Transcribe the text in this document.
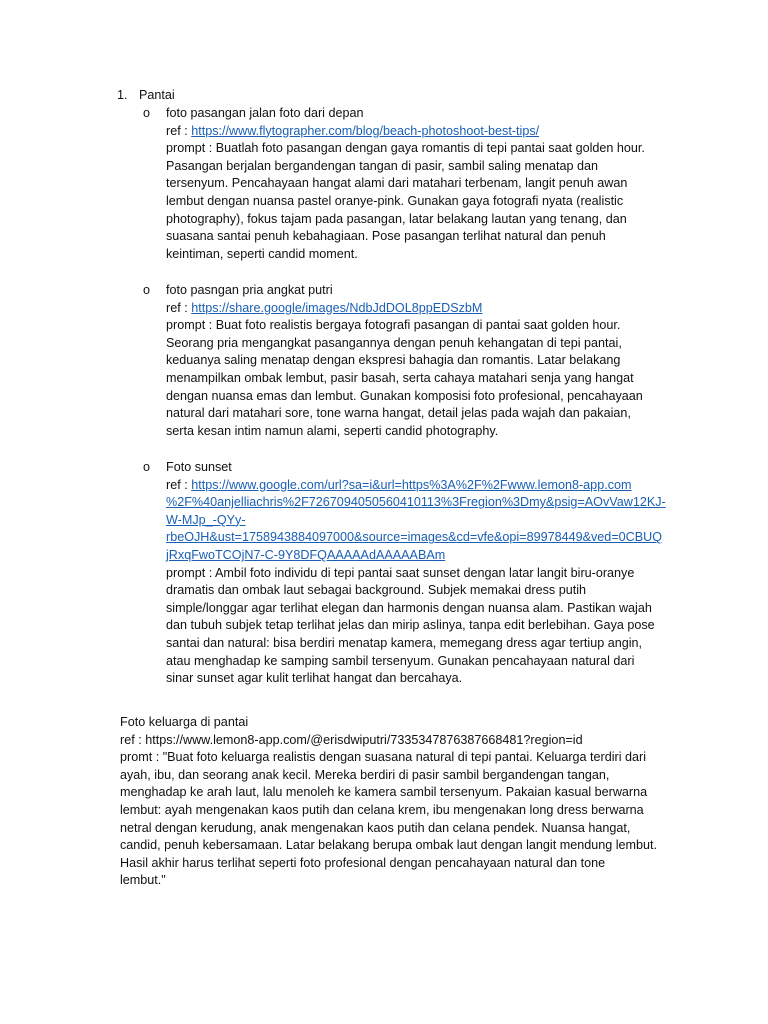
1. Pantai
o foto pasangan jalan foto dari depan
ref : https://www.flytographer.com/blog/beach-photoshoot-best-tips/
prompt : Buatlah foto pasangan dengan gaya romantis di tepi pantai saat golden hour.
Pasangan berjalan bergandengan tangan di pasir, sambil saling menatap dan
tersenyum. Pencahayaan hangat alami dari matahari terbenam, langit penuh awan
lembut dengan nuansa pastel oranye-pink. Gunakan gaya fotografi nyata (realistic
photography), fokus tajam pada pasangan, latar belakang lautan yang tenang, dan
suasana santai penuh kebahagiaan. Pose pasangan terlihat natural dan penuh
keintiman, seperti candid moment.
o foto pasngan pria angkat putri
ref : https://share.google/images/NdbJdDOL8ppEDSzbM
prompt : Buat foto realistis bergaya fotografi pasangan di pantai saat golden hour.
Seorang pria mengangkat pasangannya dengan penuh kehangatan di tepi pantai,
keduanya saling menatap dengan ekspresi bahagia dan romantis. Latar belakang
menampilkan ombak lembut, pasir basah, serta cahaya matahari senja yang hangat
dengan nuansa emas dan lembut. Gunakan komposisi foto profesional, pencahayaan
natural dari matahari sore, tone warna hangat, detail jelas pada wajah dan pakaian,
serta kesan intim namun alami, seperti candid photography.
o Foto sunset
ref : https://www.google.com/url?sa=i&url=https%3A%2F%2Fwww.lemon8-app.com
%2F%40anjelliachris%2F7267094050560410113%3Fregion%3Dmy&psig=AOvVaw12KJ-
W-MJp_-QYy-
rbeOJH&ust=1758943884097000&source=images&cd=vfe&opi=89978449&ved=0CBUQ
jRxqFwoTCOjN7-C-9Y8DFQAAAAAdAAAAABAm
prompt : Ambil foto individu di tepi pantai saat sunset dengan latar langit biru-oranye
dramatis dan ombak laut sebagai background. Subjek memakai dress putih
simple/longgar agar terlihat elegan dan harmonis dengan nuansa alam. Pastikan wajah
dan tubuh subjek tetap terlihat jelas dan mirip aslinya, tanpa edit berlebihan. Gaya pose
santai dan natural: bisa berdiri menatap kamera, memegang dress agar tertiup angin,
atau menghadap ke samping sambil tersenyum. Gunakan pencahayaan natural dari
sinar sunset agar kulit terlihat hangat dan bercahaya.
Foto keluarga di pantai
ref : https://www.lemon8-app.com/@erisdwiputri/7335347876387668481?region=id
promt : "Buat foto keluarga realistis dengan suasana natural di tepi pantai. Keluarga terdiri dari
ayah, ibu, dan seorang anak kecil. Mereka berdiri di pasir sambil bergandengan tangan,
menghadap ke arah laut, lalu menoleh ke kamera sambil tersenyum. Pakaian kasual berwarna
lembut: ayah mengenakan kaos putih dan celana krem, ibu mengenakan long dress berwarna
netral dengan kerudung, anak mengenakan kaos putih dan celana pendek. Nuansa hangat,
candid, penuh kebersamaan. Latar belakang berupa ombak laut dengan langit mendung lembut.
Hasil akhir harus terlihat seperti foto profesional dengan pencahayaan natural dan tone
lembut."
